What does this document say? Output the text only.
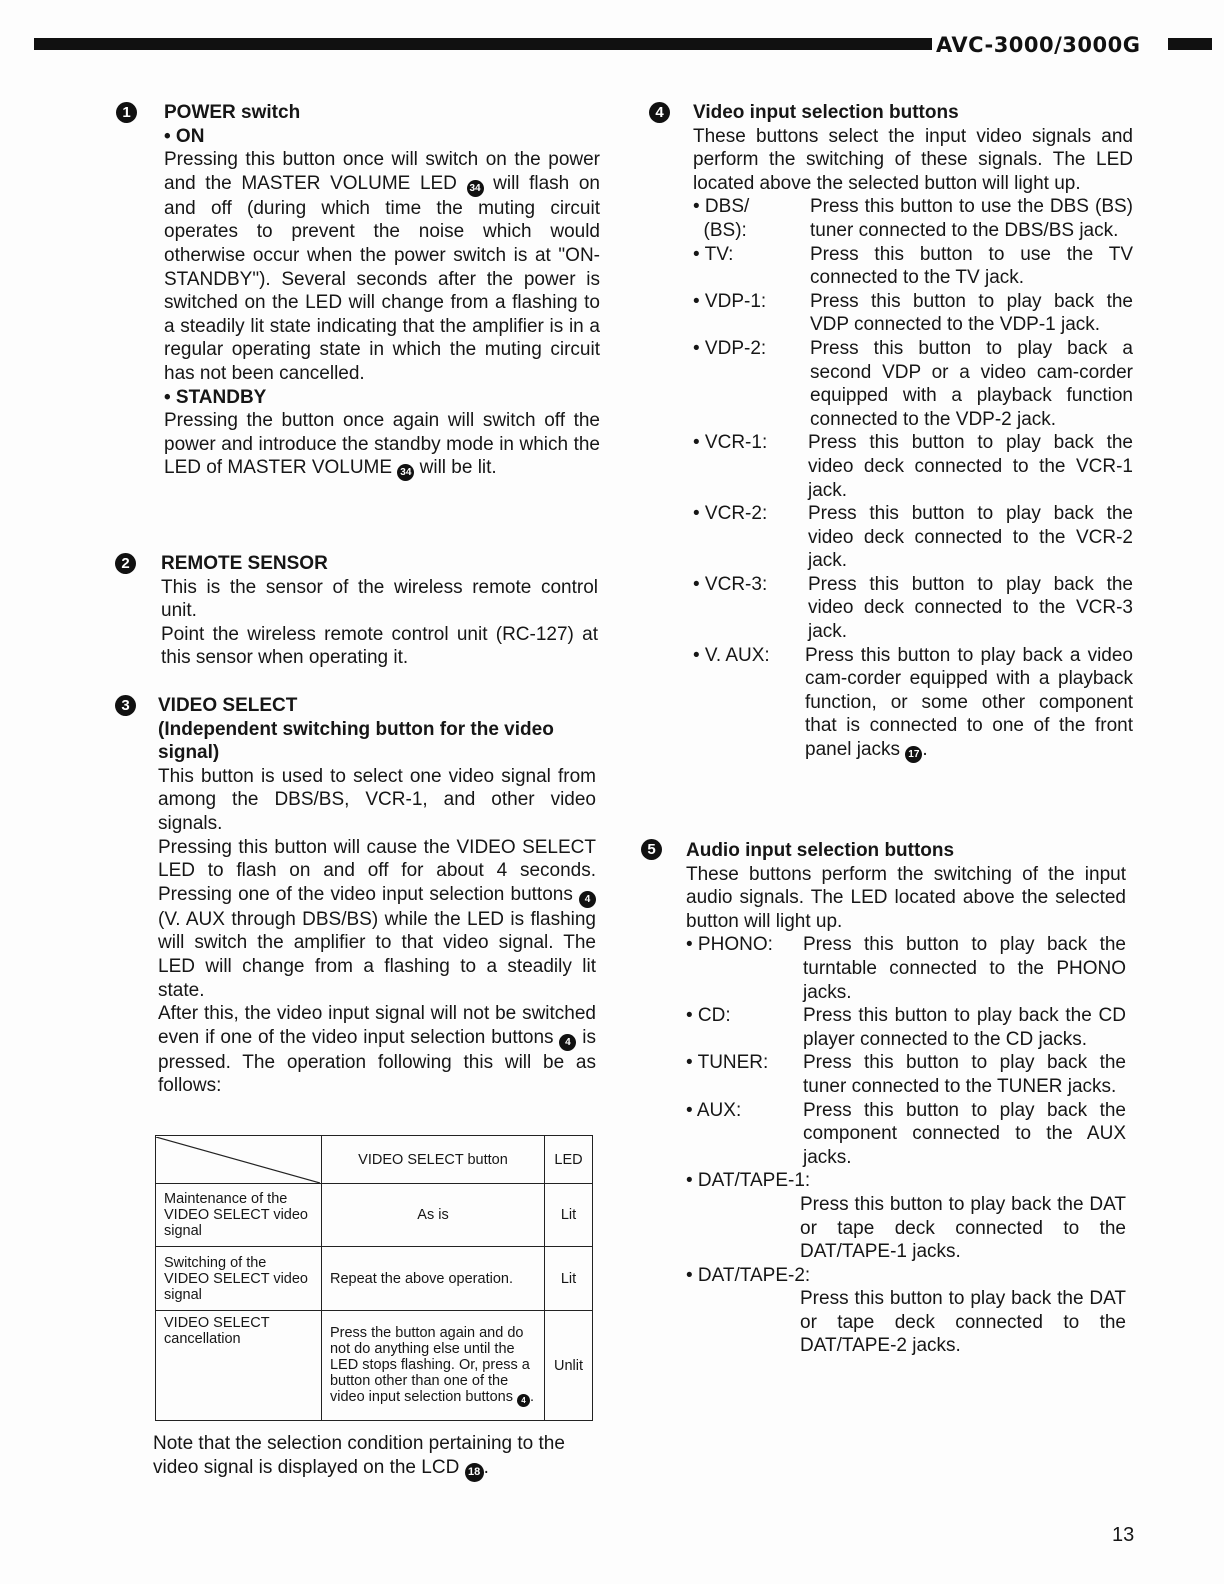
AVC-3000/3000G
1	POWER switch
• ON

Pressing this button once will switch on the power and the MASTER VOLUME LED 34 will flash on and off (during which time the muting circuit operates to prevent the noise which would otherwise occur when the power switch is at "ON-STANDBY"). Several seconds after the power is switched on the LED will change from a flashing to a steadily lit state indicating that the amplifier is in a regular operating state in which the muting circuit has not been cancelled.

• STANDBY

Pressing the button once again will switch off the power and introduce the standby mode in which the LED of MASTER VOLUME 34 will be lit.

2	REMOTE SENSOR

This is the sensor of the wireless remote control unit.

Point the wireless remote control unit (RC-127) at this sensor when operating it.

3	VIDEO SELECT
(Independent switching button for the video signal)

This button is used to select one video signal from among the DBS/BS, VCR-1, and other video signals.

Pressing this button will cause the VIDEO SELECT LED to flash on and off for about 4 seconds. Pressing one of the video input selection buttons 4 (V. AUX through DBS/BS) while the LED is flashing will switch the amplifier to that video signal. The LED will change from a flashing to a steadily lit state.

After this, the video input signal will not be switched even if one of the video input selection buttons 4 is pressed. The operation following this will be as follows:

	VIDEO SELECT button	LED
Maintenance of the VIDEO SELECT video signal	As is	Lit
Switching of the VIDEO SELECT video signal	Repeat the above operation.	Lit
VIDEO SELECT cancellation	Press the button again and do not do anything else until the LED stops flashing. Or, press a button other than one of the video input selection buttons 4 .	Unlit
Note that the selection condition pertaining to the video signal is displayed on the LCD 18 .
4	Video input selection buttons

These buttons select the input video signals and perform the switching of these signals. The LED located above the selected button will light up.

• DBS/
(BS):
Press this button to use the DBS (BS) tuner connected to the DBS/BS jack.
• TV:	Press this button to use the TV connected to the TV jack.
• VDP-1:	Press this button to play back the VDP connected to the VDP-1 jack.
• VDP-2:	Press this button to play back a second VDP or a video cam-corder equipped with a playback function connected to the VDP-2 jack.
• VCR-1:	Press this button to play back the video deck connected to the VCR-1 jack.
• VCR-2:	Press this button to play back the video deck connected to the VCR-2 jack.
• VCR-3:	Press this button to play back the video deck connected to the VCR-3 jack.
• V. AUX:	Press this button to play back a video cam-corder equipped with a playback function, or some other component that is connected to one of the front panel jacks 17 .
5	Audio input selection buttons

These buttons perform the switching of the input audio signals. The LED located above the selected button will light up.

• PHONO:	Press this button to play back the turntable connected to the PHONO jacks.
• CD:	Press this button to play back the CD player connected to the CD jacks.
• TUNER:	Press this button to play back the tuner connected to the TUNER jacks.
• AUX:	Press this button to play back the component connected to the AUX jacks.
• DAT/TAPE-1:

Press this button to play back the DAT or tape deck connected to the DAT/TAPE-1 jacks.

• DAT/TAPE-2:

Press this button to play back the DAT or tape deck connected to the DAT/TAPE-2 jacks.

13
